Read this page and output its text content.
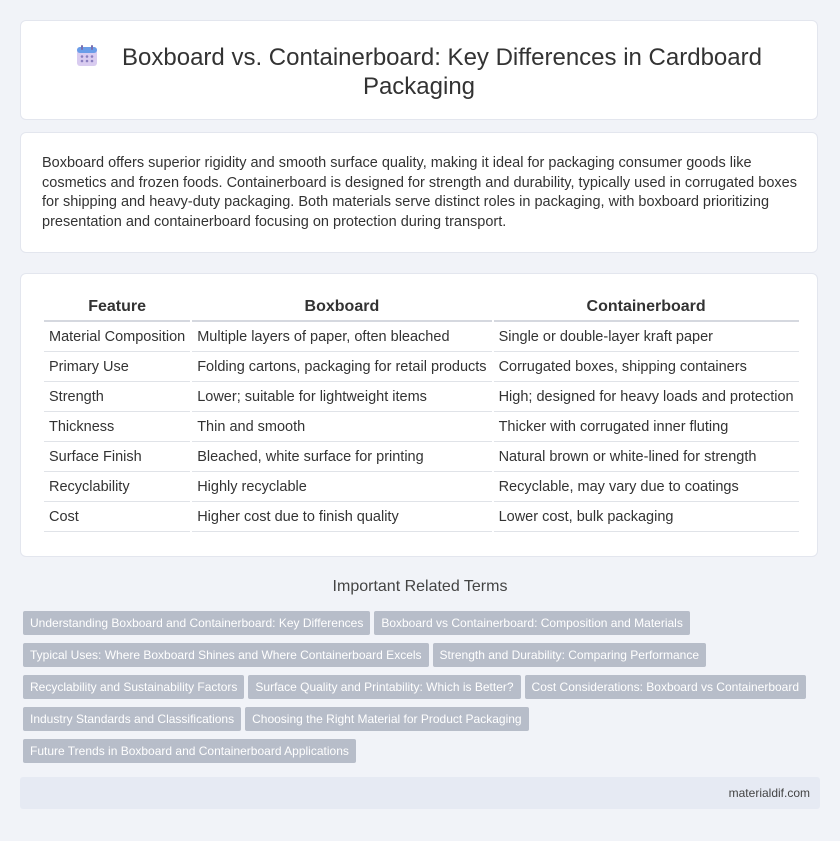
Boxboard vs. Containerboard: Key Differences in Cardboard Packaging

Boxboard offers superior rigidity and smooth surface quality, making it ideal for packaging consumer goods like cosmetics and frozen foods. Containerboard is designed for strength and durability, typically used in corrugated boxes for shipping and heavy-duty packaging. Both materials serve distinct roles in packaging, with boxboard prioritizing presentation and containerboard focusing on protection during transport.

Feature	Boxboard	Containerboard
Material Composition	Multiple layers of paper, often bleached	Single or double-layer kraft paper
Primary Use	Folding cartons, packaging for retail products	Corrugated boxes, shipping containers
Strength	Lower; suitable for lightweight items	High; designed for heavy loads and protection
Thickness	Thin and smooth	Thicker with corrugated inner fluting
Surface Finish	Bleached, white surface for printing	Natural brown or white-lined for strength
Recyclability	Highly recyclable	Recyclable, may vary due to coatings
Cost	Higher cost due to finish quality	Lower cost, bulk packaging
Important Related Terms
Understanding Boxboard and Containerboard: Key Differences Boxboard vs Containerboard: Composition and Materials
Typical Uses: Where Boxboard Shines and Where Containerboard Excels Strength and Durability: Comparing Performance
Recyclability and Sustainability Factors Surface Quality and Printability: Which is Better? Cost Considerations: Boxboard vs Containerboard
Industry Standards and Classifications Choosing the Right Material for Product Packaging
Future Trends in Boxboard and Containerboard Applications
materialdif.com
